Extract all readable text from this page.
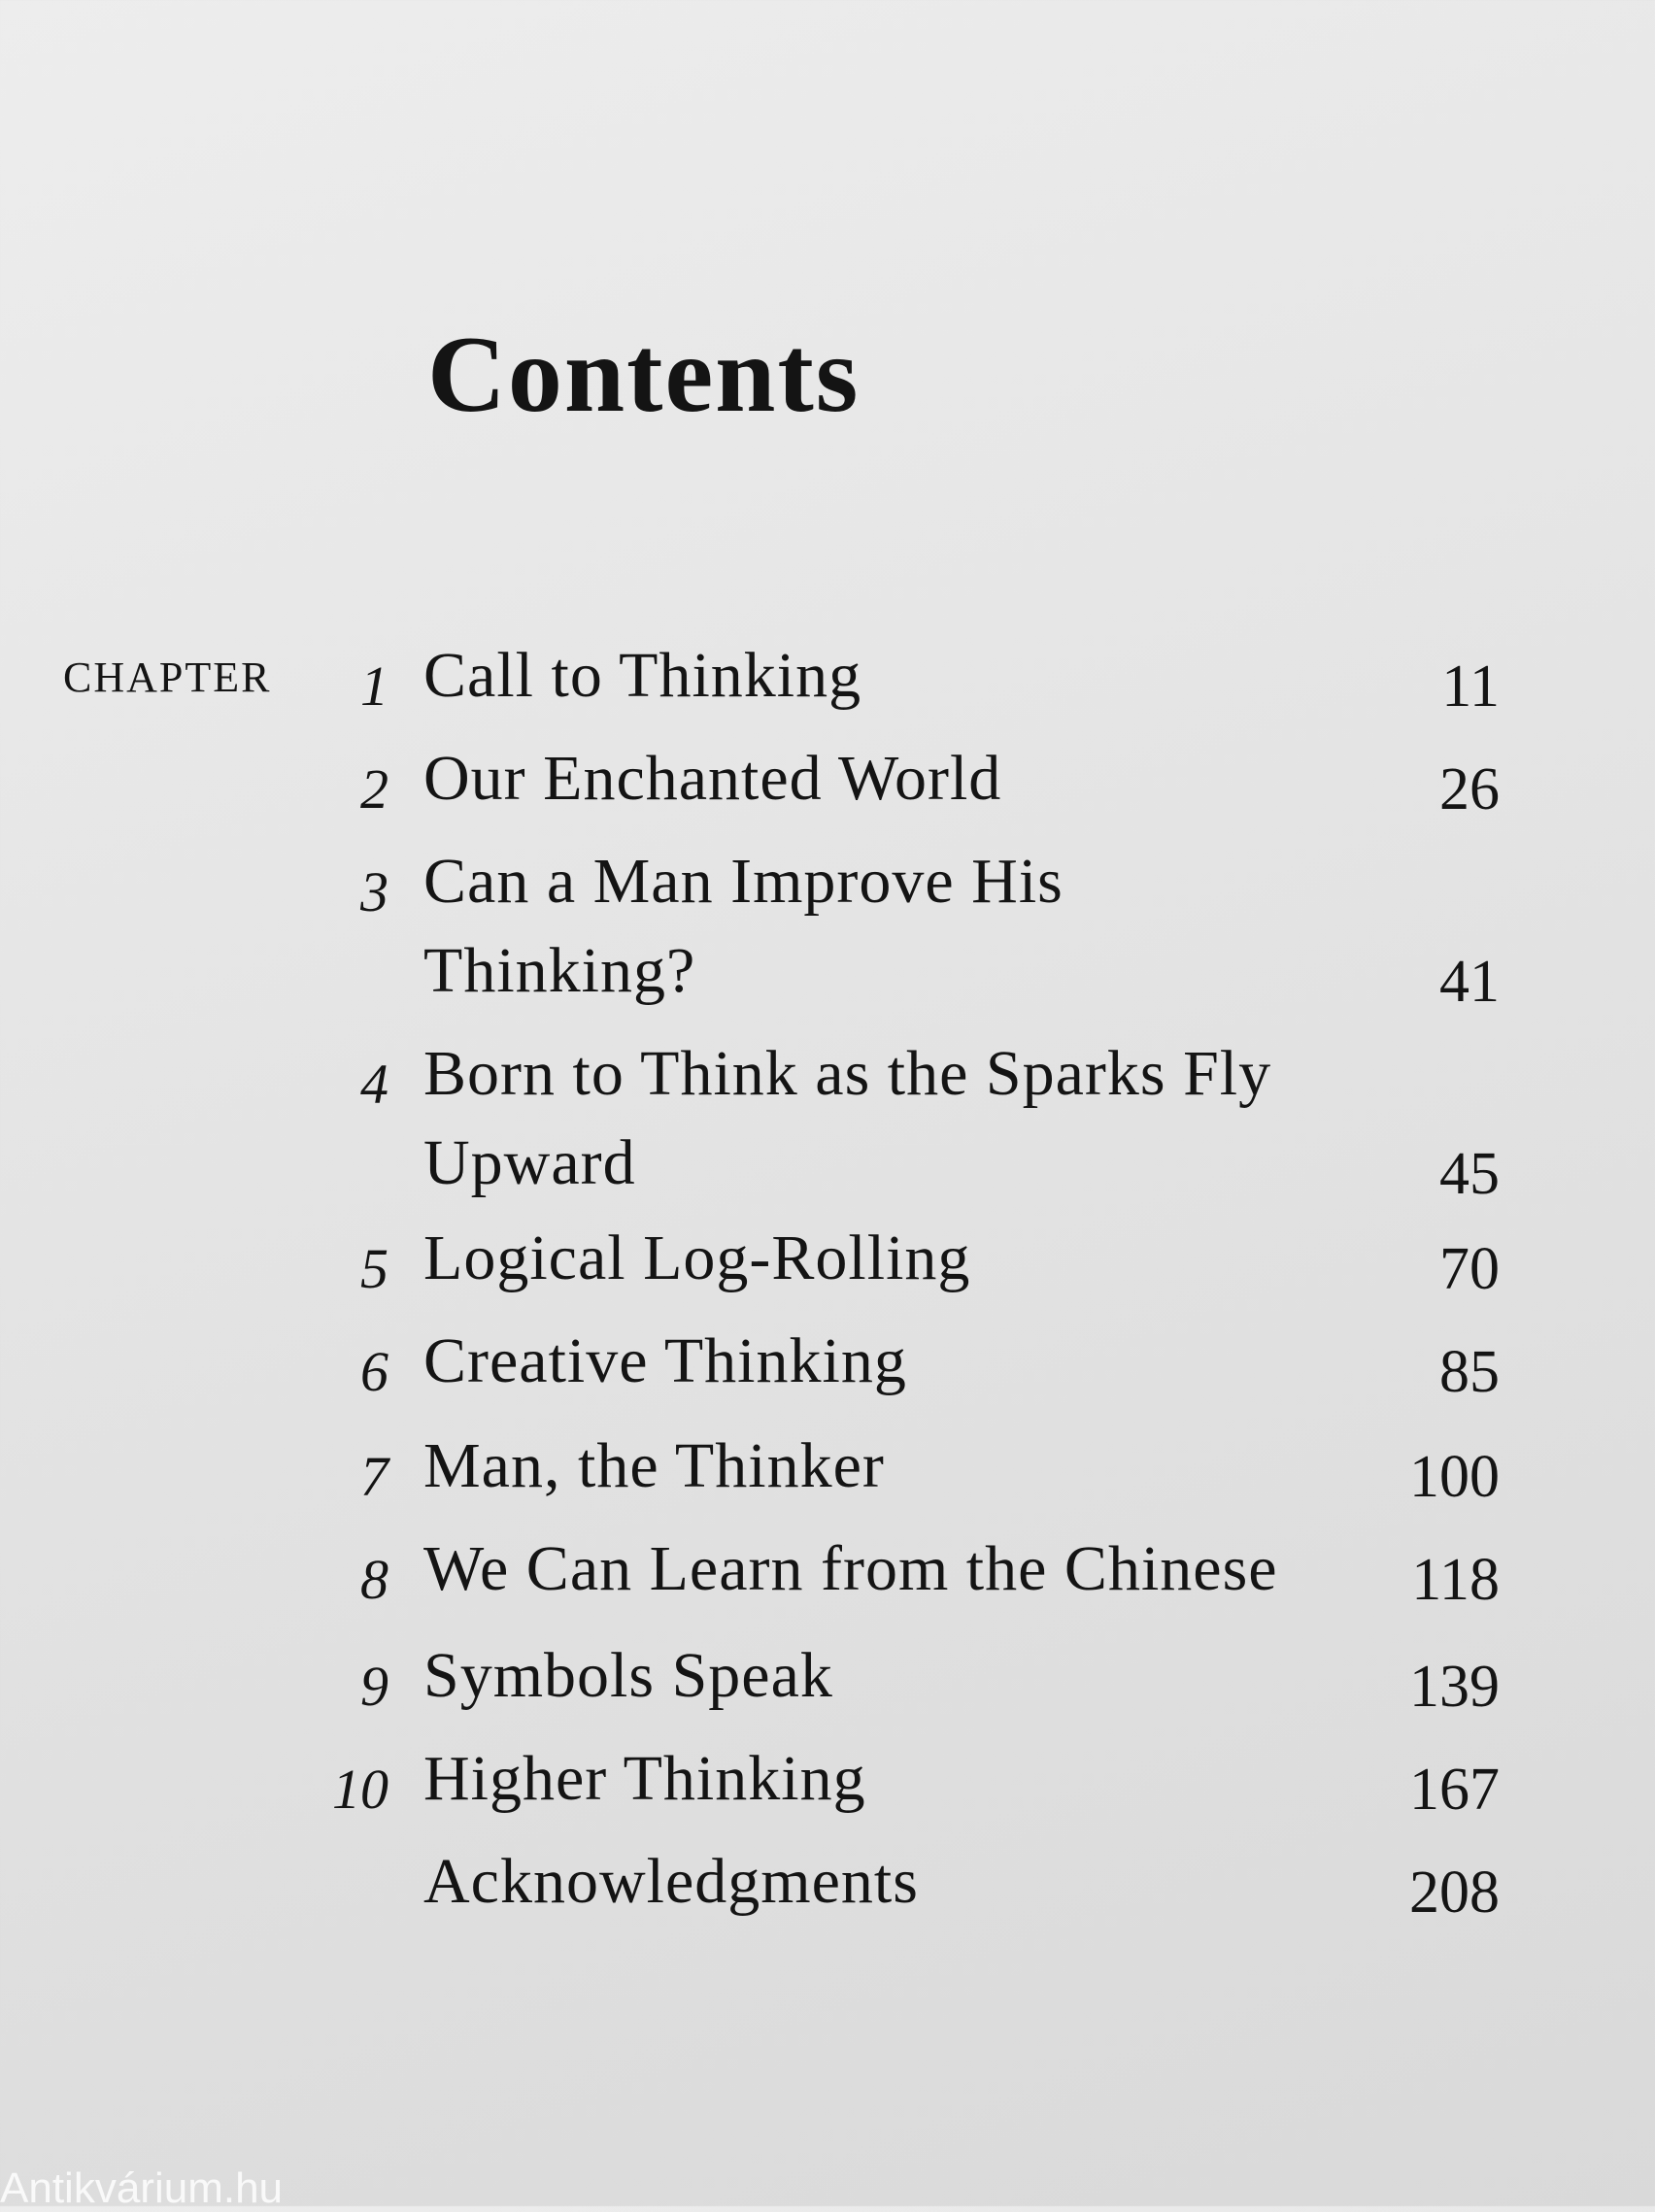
Contents
CHAPTER 1 Call to Thinking	11
2 Our Enchanted World	26
3 Can a Man Improve His Thinking?	41
4 Born to Think as the Sparks Fly Upward	45
5 Logical Log-Rolling	70
6 Creative Thinking	85
7 Man, the Thinker	100
8 We Can Learn from the Chinese	118
9 Symbols Speak	139
10 Higher Thinking	167
Acknowledgments	208
Antikvárium.hu
